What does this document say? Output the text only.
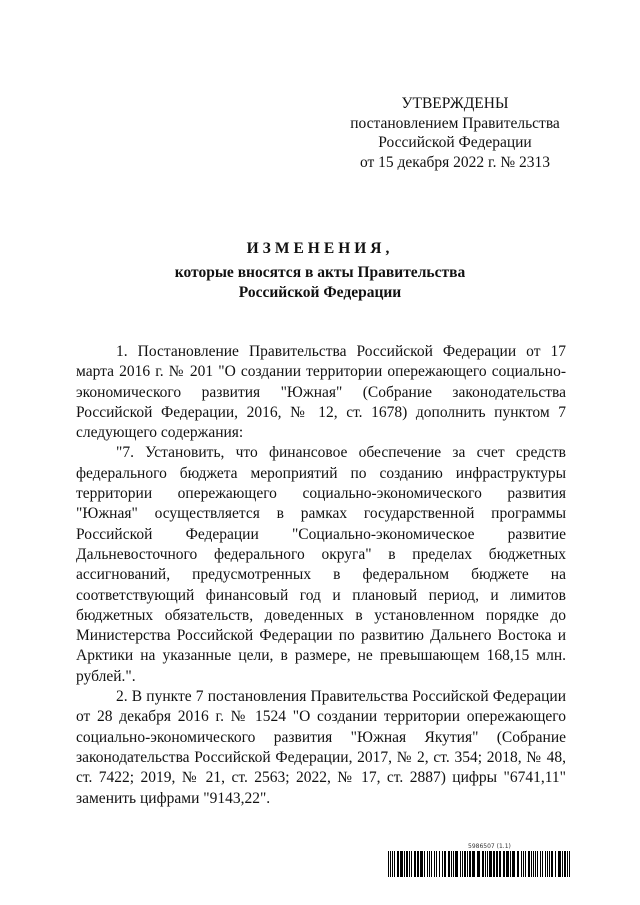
УТВЕРЖДЕНЫ
постановлением Правительства
Российской Федерации
от 15 декабря 2022 г. № 2313
ИЗМЕНЕНИЯ,
которые вносятся в акты Правительства
Российской Федерации

1. Постановление Правительства Российской Федерации от 17 марта 2016 г. № 201 "О создании территории опережающего социально-экономического развития "Южная" (Собрание законодательства Российской Федерации, 2016, № 12, ст. 1678) дополнить пунктом 7 следующего содержания:

"7. Установить, что финансовое обеспечение за счет средств федерального бюджета мероприятий по созданию инфраструктуры территории опережающего социально-экономического развития "Южная" осуществляется в рамках государственной программы Российской Федерации "Социально-экономическое развитие Дальневосточного федерального округа" в пределах бюджетных ассигнований, предусмотренных в федеральном бюджете на соответствующий финансовый год и плановый период, и лимитов бюджетных обязательств, доведенных в установленном порядке до Министерства Российской Федерации по развитию Дальнего Востока и Арктики на указанные цели, в размере, не превышающем 168,15 млн. рублей.".

2. В пункте 7 постановления Правительства Российской Федерации от 28 декабря 2016 г. № 1524 "О создании территории опережающего социально-экономического развития "Южная Якутия" (Собрание законодательства Российской Федерации, 2017, № 2, ст. 354; 2018, № 48, ст. 7422; 2019, № 21, ст. 2563; 2022, № 17, ст. 2887) цифры "6741,11" заменить цифрами "9143,22".

5986507 (1.1)
